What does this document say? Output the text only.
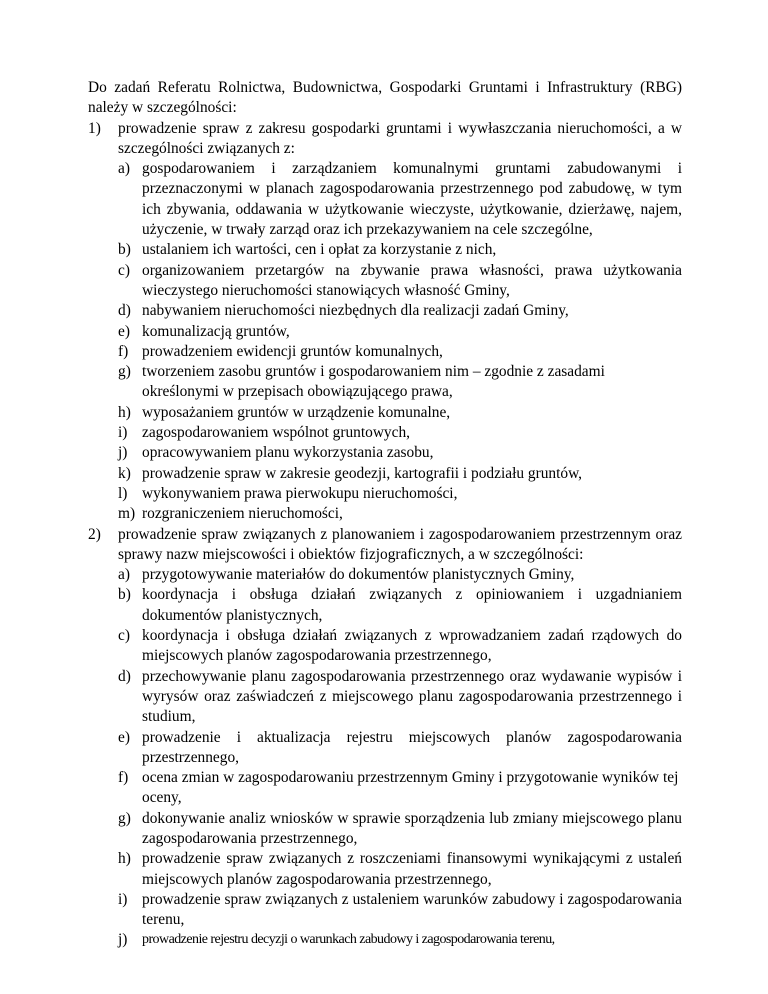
Do zadań Referatu Rolnictwa, Budownictwa, Gospodarki Gruntami i Infrastruktury (RBG) należy w szczególności:

1) prowadzenie spraw z zakresu gospodarki gruntami i wywłaszczania nieruchomości, a w szczególności związanych z:
a) gospodarowaniem i zarządzaniem komunalnymi gruntami zabudowanymi i przeznaczonymi w planach zagospodarowania przestrzennego pod zabudowę, w tym ich zbywania, oddawania w użytkowanie wieczyste, użytkowanie, dzierżawę, najem, użyczenie, w trwały zarząd oraz ich przekazywaniem na cele szczególne,
b) ustalaniem ich wartości, cen i opłat za korzystanie z nich,
c) organizowaniem przetargów na zbywanie prawa własności, prawa użytkowania wieczystego nieruchomości stanowiących własność Gminy,
d) nabywaniem nieruchomości niezbędnych dla realizacji zadań Gminy,
e) komunalizacją gruntów,
f) prowadzeniem ewidencji gruntów komunalnych,
g) tworzeniem zasobu gruntów i gospodarowaniem nim – zgodnie z zasadami określonymi w przepisach obowiązującego prawa,
h) wyposażaniem gruntów w urządzenie komunalne,
i) zagospodarowaniem wspólnot gruntowych,
j) opracowywaniem planu wykorzystania zasobu,
k) prowadzenie spraw w zakresie geodezji, kartografii i podziału gruntów,
l) wykonywaniem prawa pierwokupu nieruchomości,
m) rozgraniczeniem nieruchomości,
2) prowadzenie spraw związanych z planowaniem i zagospodarowaniem przestrzennym oraz sprawy nazw miejscowości i obiektów fizjograficznych, a w szczególności:
a) przygotowywanie materiałów do dokumentów planistycznych Gminy,
b) koordynacja i obsługa działań związanych z opiniowaniem i uzgadnianiem dokumentów planistycznych,
c) koordynacja i obsługa działań związanych z wprowadzaniem zadań rządowych do miejscowych planów zagospodarowania przestrzennego,
d) przechowywanie planu zagospodarowania przestrzennego oraz wydawanie wypisów i wyrysów oraz zaświadczeń z miejscowego planu zagospodarowania przestrzennego i studium,
e) prowadzenie i aktualizacja rejestru miejscowych planów zagospodarowania przestrzennego,
f) ocena zmian w zagospodarowaniu przestrzennym Gminy i przygotowanie wyników tej oceny,
g) dokonywanie analiz wniosków w sprawie sporządzenia lub zmiany miejscowego planu zagospodarowania przestrzennego,
h) prowadzenie spraw związanych z roszczeniami finansowymi wynikającymi z ustaleń miejscowych planów zagospodarowania przestrzennego,
i) prowadzenie spraw związanych z ustaleniem warunków zabudowy i zagospodarowania terenu,
j) prowadzenie rejestru decyzji o warunkach zabudowy i zagospodarowania terenu,
